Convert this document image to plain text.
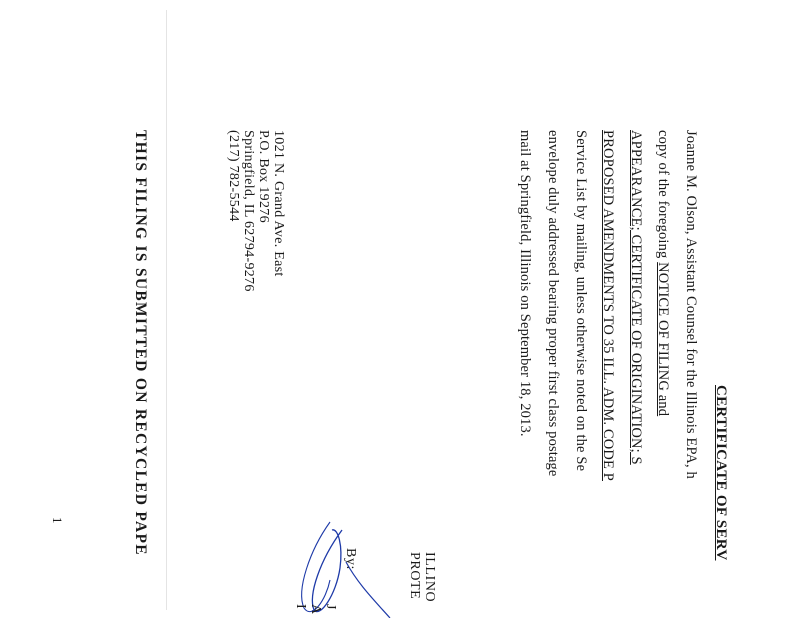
CERTIFICATE OF SERV
Joanne M. Olson, Assistant Counsel for the Illinois EPA, h
copy of the foregoing NOTICE OF FILING and
APPEARANCE; CERTIFICATE OF ORIGINATION; S
PROPOSED AMENDMENTS TO 35 ILL. ADM. CODE P
Service List by mailing, unless otherwise noted on the Se
envelope duly addressed bearing proper first class postage
mail at Springfield, Illinois on September 18, 2013.
ILLINO
PROTE
By:
J
A
I
1021 N. Grand Ave. East
P.O. Box 19276
Springfield, IL 62794-9276
(217) 782-5544
1	THIS FILING IS SUBMITTED ON RECYCLED PAPE
